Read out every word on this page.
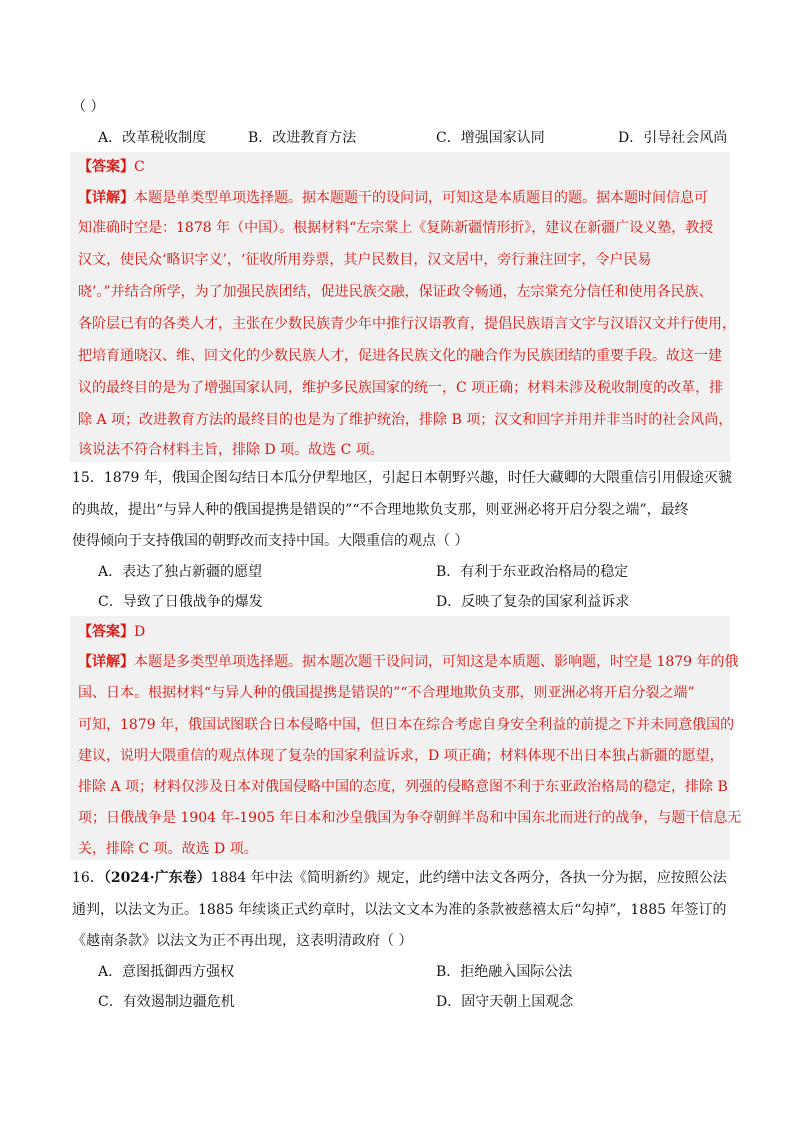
（ ）
A．改革税收制度	B．改进教育方法	C．增强国家认同	D．引导社会风尚
【答案】C
【详解】本题是单类型单项选择题。据本题题干的设问词，可知这是本质题目的题。据本题时间信息可
知准确时空是：1878 年（中国）。根据材料“左宗棠上《复陈新疆情形折》，建议在新疆广设义塾，教授
汉文，使民众‘略识字义’，‘征收所用券票，其户民数目，汉文居中，旁行兼注回字，令户民易
晓’。”并结合所学，为了加强民族团结，促进民族交融，保证政令畅通，左宗棠充分信任和使用各民族、
各阶层已有的各类人才，主张在少数民族青少年中推行汉语教育，提倡民族语言文字与汉语汉文并行使用，
把培育通晓汉、维、回文化的少数民族人才，促进各民族文化的融合作为民族团结的重要手段。故这一建
议的最终目的是为了增强国家认同，维护多民族国家的统一，C 项正确；材料未涉及税收制度的改革，排
除 A 项；改进教育方法的最终目的也是为了维护统治，排除 B 项；汉文和回字并用并非当时的社会风尚，
该说法不符合材料主旨，排除 D 项。故选 C 项。
15．1879 年，俄国企图勾结日本瓜分伊犁地区，引起日本朝野兴趣，时任大藏卿的大隈重信引用假途灭虢
的典故，提出“与异人种的俄国提携是错误的”“不合理地欺负支那，则亚洲必将开启分裂之端”，最终
使得倾向于支持俄国的朝野改而支持中国。大隈重信的观点（ ）
A．表达了独占新疆的愿望	B．有利于东亚政治格局的稳定
C．导致了日俄战争的爆发	D．反映了复杂的国家利益诉求
【答案】D
【详解】本题是多类型单项选择题。据本题次题干设问词，可知这是本质题、影响题，时空是 1879 年的俄
国、日本。根据材料“与异人种的俄国提携是错误的”“不合理地欺负支那，则亚洲必将开启分裂之端”
可知，1879 年，俄国试图联合日本侵略中国，但日本在综合考虑自身安全利益的前提之下并未同意俄国的
建议，说明大隈重信的观点体现了复杂的国家利益诉求，D 项正确；材料体现不出日本独占新疆的愿望，
排除 A 项；材料仅涉及日本对俄国侵略中国的态度，列强的侵略意图不利于东亚政治格局的稳定，排除 B
项；日俄战争是 1904 年-1905 年日本和沙皇俄国为争夺朝鲜半岛和中国东北而进行的战争，与题干信息无
关，排除 C 项。故选 D 项。
16．（2024·广东卷）1884 年中法《简明新约》规定，此约缮中法文各两分，各执一分为据，应按照公法
通判，以法文为正。1885 年续谈正式约章时，以法文文本为准的条款被慈禧太后“勾掉”，1885 年签订的
《越南条款》以法文为正不再出现，这表明清政府（ ）
A．意图抵御西方强权	B．拒绝融入国际公法
C．有效遏制边疆危机	D．固守天朝上国观念
